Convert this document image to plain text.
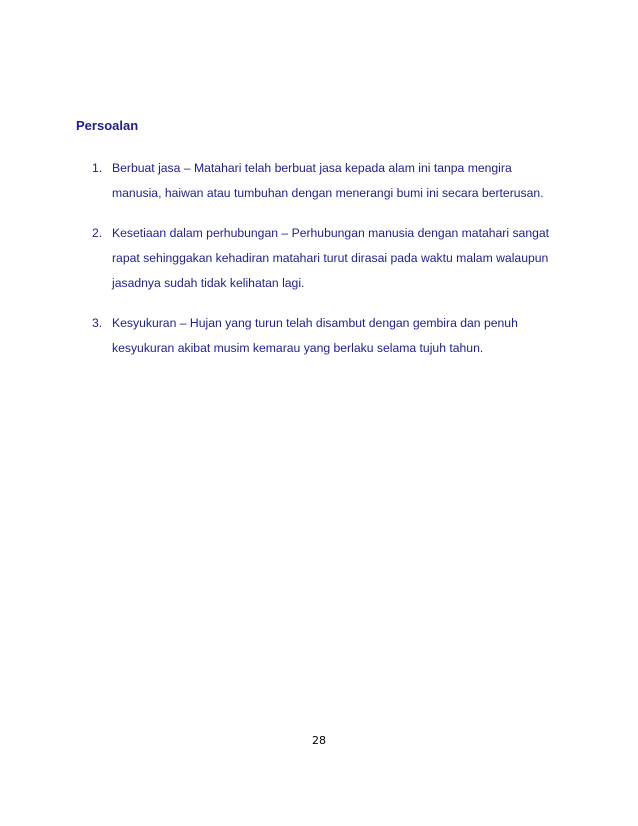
Persoalan

1. Berbuat jasa – Matahari telah berbuat jasa kepada alam ini tanpa mengira
manusia, haiwan atau tumbuhan dengan menerangi bumi ini secara berterusan.
2. Kesetiaan dalam perhubungan – Perhubungan manusia dengan matahari sangat
rapat sehinggakan kehadiran matahari turut dirasai pada waktu malam walaupun
jasadnya sudah tidak kelihatan lagi.
3. Kesyukuran – Hujan yang turun telah disambut dengan gembira dan penuh
kesyukuran akibat musim kemarau yang berlaku selama tujuh tahun.
28
